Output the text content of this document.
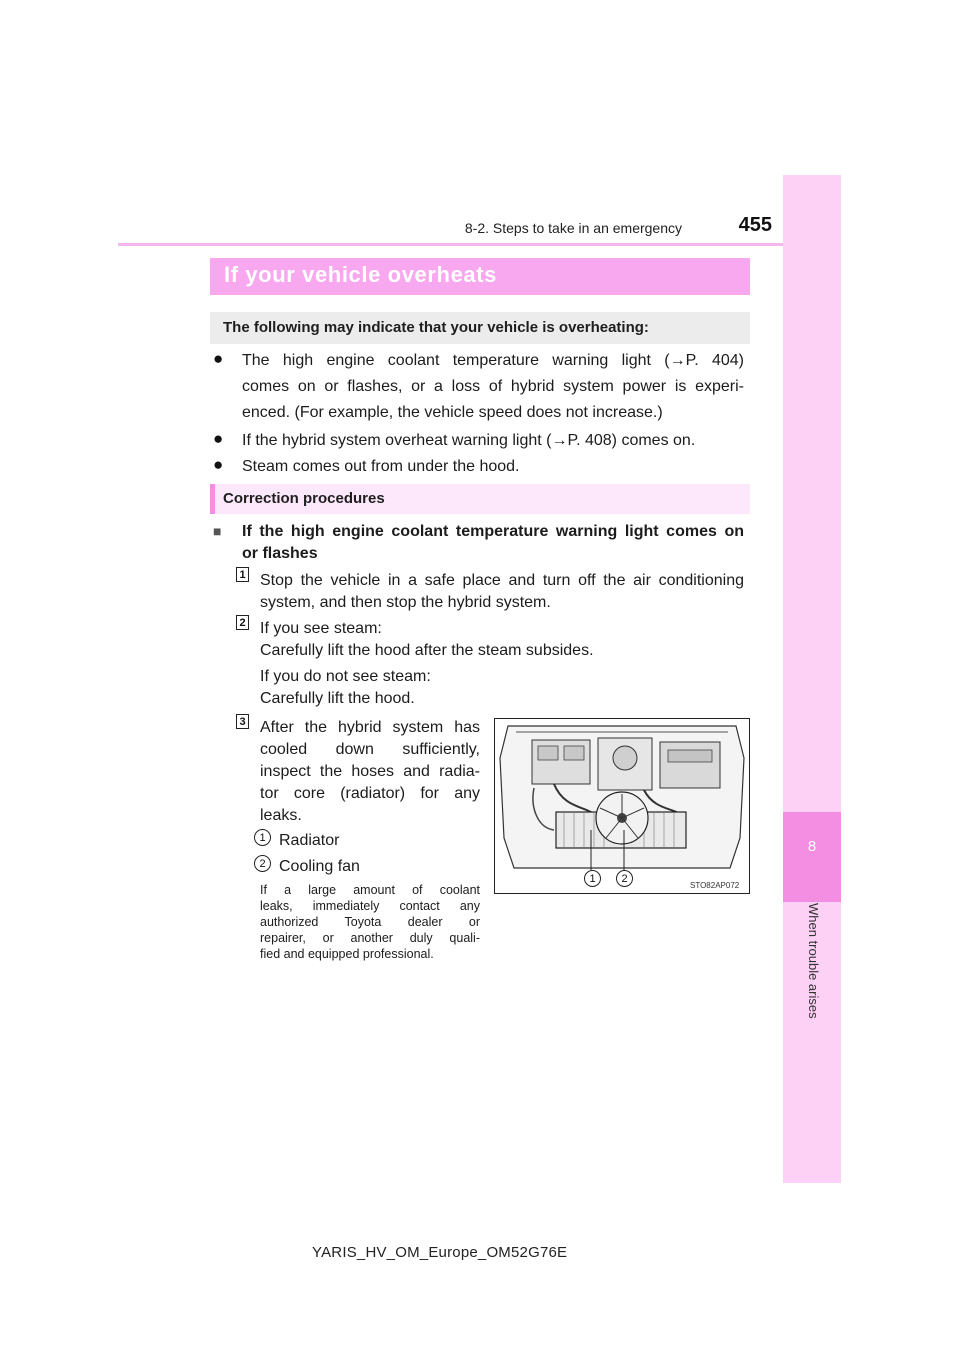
8-2. Steps to take in an emergency	455
8
When trouble arises
If your vehicle overheats
The following may indicate that your vehicle is overheating:
● The high engine coolant temperature warning light (→P. 404)
comes on or flashes, or a loss of hybrid system power is experi-
enced. (For example, the vehicle speed does not increase.)
● If the hybrid system overheat warning light (→P. 408) comes on.
● Steam comes out from under the hood.
Correction procedures
■ If the high engine coolant temperature warning light comes on
or flashes
1 Stop the vehicle in a safe place and turn off the air conditioning
system, and then stop the hybrid system.
2 If you see steam:
Carefully lift the hood after the steam subsides.
If you do not see steam:
Carefully lift the hood.
3 After the hybrid system has
cooled down sufficiently,
inspect the hoses and radia-
tor core (radiator) for any
leaks.
1 Radiator
2 Cooling fan
If a large amount of coolant
leaks, immediately contact any
authorized Toyota dealer or
repairer, or another duly quali-
fied and equipped professional.
1	2
STO82AP072
YARIS_HV_OM_Europe_OM52G76E
